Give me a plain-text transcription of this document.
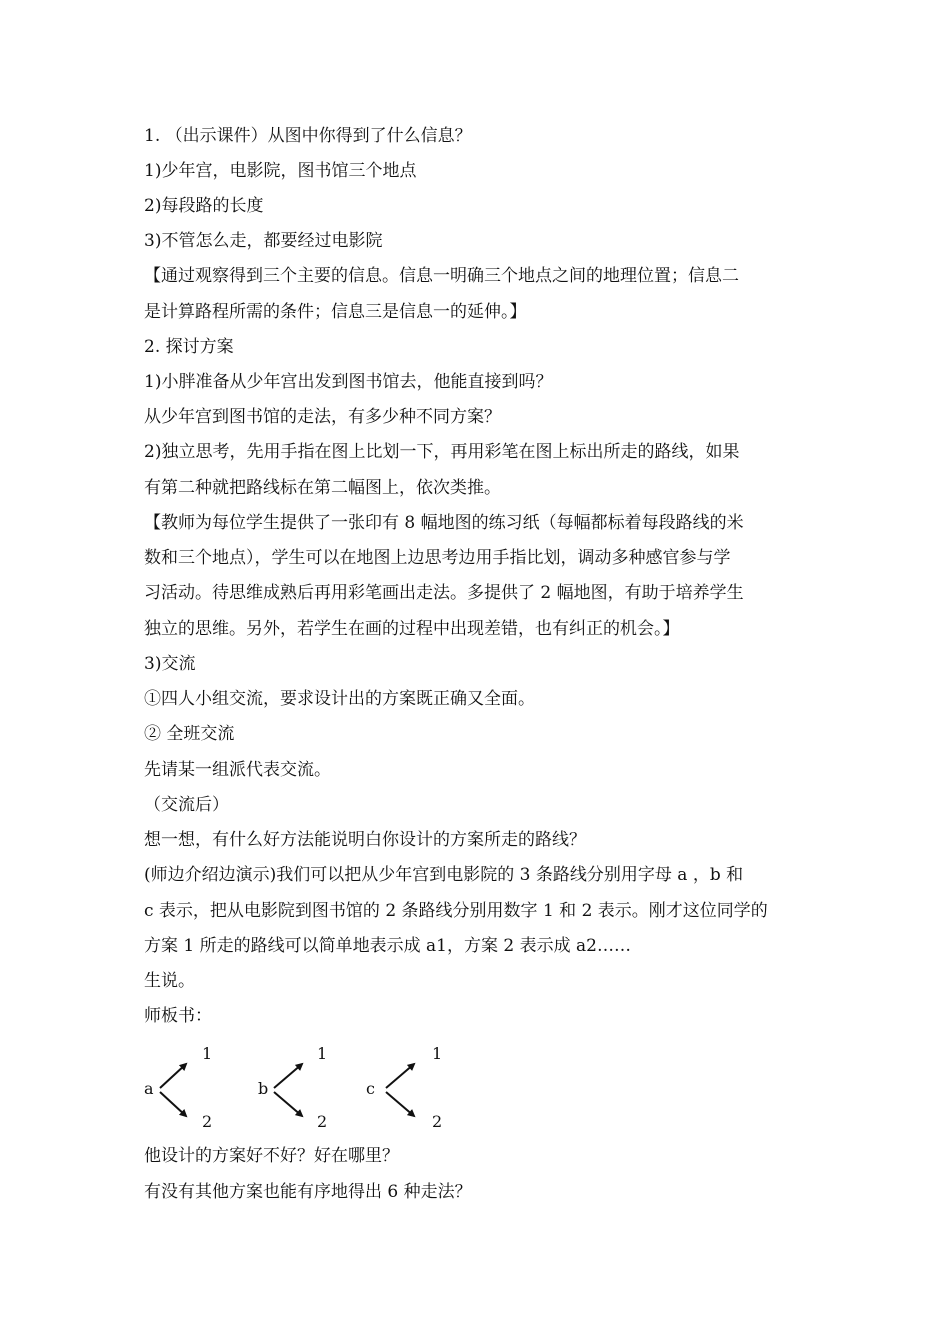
1. （出示课件）从图中你得到了什么信息？
1)少年宫，电影院，图书馆三个地点
2)每段路的长度
3)不管怎么走，都要经过电影院
【通过观察得到三个主要的信息。信息一明确三个地点之间的地理位置；信息二
是计算路程所需的条件；信息三是信息一的延伸。】
2. 探讨方案
1)小胖准备从少年宫出发到图书馆去，他能直接到吗？
从少年宫到图书馆的走法，有多少种不同方案？
2)独立思考，先用手指在图上比划一下，再用彩笔在图上标出所走的路线，如果
有第二种就把路线标在第二幅图上，依次类推。
【教师为每位学生提供了一张印有 8 幅地图的练习纸（每幅都标着每段路线的米
数和三个地点），学生可以在地图上边思考边用手指比划，调动多种感官参与学
习活动。待思维成熟后再用彩笔画出走法。多提供了 2 幅地图，有助于培养学生
独立的思维。另外，若学生在画的过程中出现差错，也有纠正的机会。】
3)交流
①四人小组交流，要求设计出的方案既正确又全面。
② 全班交流
先请某一组派代表交流。
（交流后）
想一想，有什么好方法能说明白你设计的方案所走的路线？
(师边介绍边演示)我们可以把从少年宫到电影院的 3 条路线分别用字母 a ，b 和
c 表示，把从电影院到图书馆的 2 条路线分别用数字 1 和 2 表示。刚才这位同学的
方案 1 所走的路线可以简单地表示成 a1，方案 2 表示成 a2……
生说。
师板书：
a
1
2
b
1
2
c
1
2
他设计的方案好不好？好在哪里？
有没有其他方案也能有序地得出 6 种走法？
